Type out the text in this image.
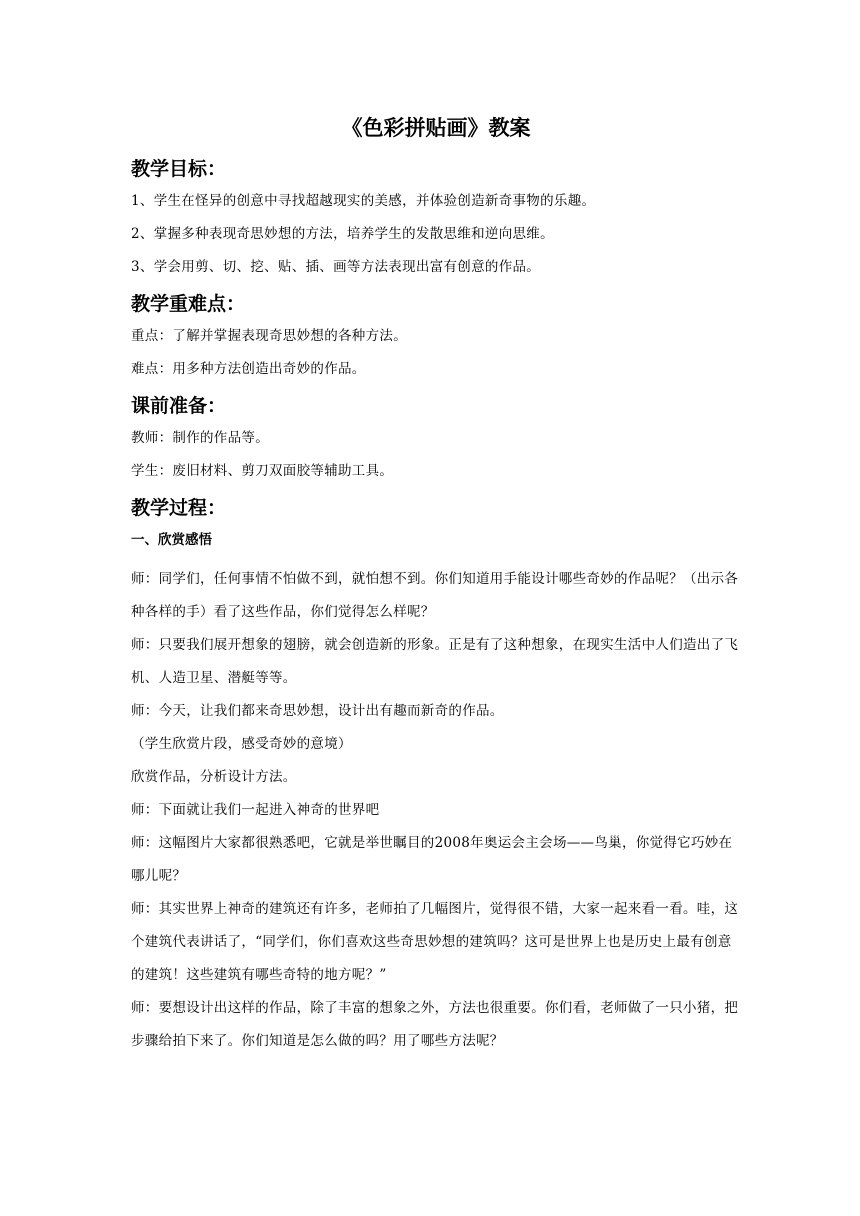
《色彩拼贴画》教案
教学目标：
1、学生在怪异的创意中寻找超越现实的美感，并体验创造新奇事物的乐趣。
2、掌握多种表现奇思妙想的方法，培养学生的发散思维和逆向思维。
3、学会用剪、切、挖、贴、插、画等方法表现出富有创意的作品。
教学重难点：
重点：了解并掌握表现奇思妙想的各种方法。
难点：用多种方法创造出奇妙的作品。
课前准备：
教师：制作的作品等。
学生：废旧材料、剪刀双面胶等辅助工具。
教学过程：
一、欣赏感悟
师：同学们，任何事情不怕做不到，就怕想不到。你们知道用手能设计哪些奇妙的作品呢？（出示各种各样的手）看了这些作品，你们觉得怎么样呢？
师：只要我们展开想象的翅膀，就会创造新的形象。正是有了这种想象，在现实生活中人们造出了飞机、人造卫星、潜艇等等。
师：今天，让我们都来奇思妙想，设计出有趣而新奇的作品。
（学生欣赏片段，感受奇妙的意境）
欣赏作品，分析设计方法。
师：下面就让我们一起进入神奇的世界吧
师：这幅图片大家都很熟悉吧，它就是举世瞩目的2008年奥运会主会场——鸟巢，你觉得它巧妙在哪儿呢？
师：其实世界上神奇的建筑还有许多，老师拍了几幅图片，觉得很不错，大家一起来看一看。哇，这个建筑代表讲话了，“同学们，你们喜欢这些奇思妙想的建筑吗？这可是世界上也是历史上最有创意的建筑！这些建筑有哪些奇特的地方呢？”
师：要想设计出这样的作品，除了丰富的想象之外，方法也很重要。你们看，老师做了一只小猪，把步骤给拍下来了。你们知道是怎么做的吗？用了哪些方法呢？
